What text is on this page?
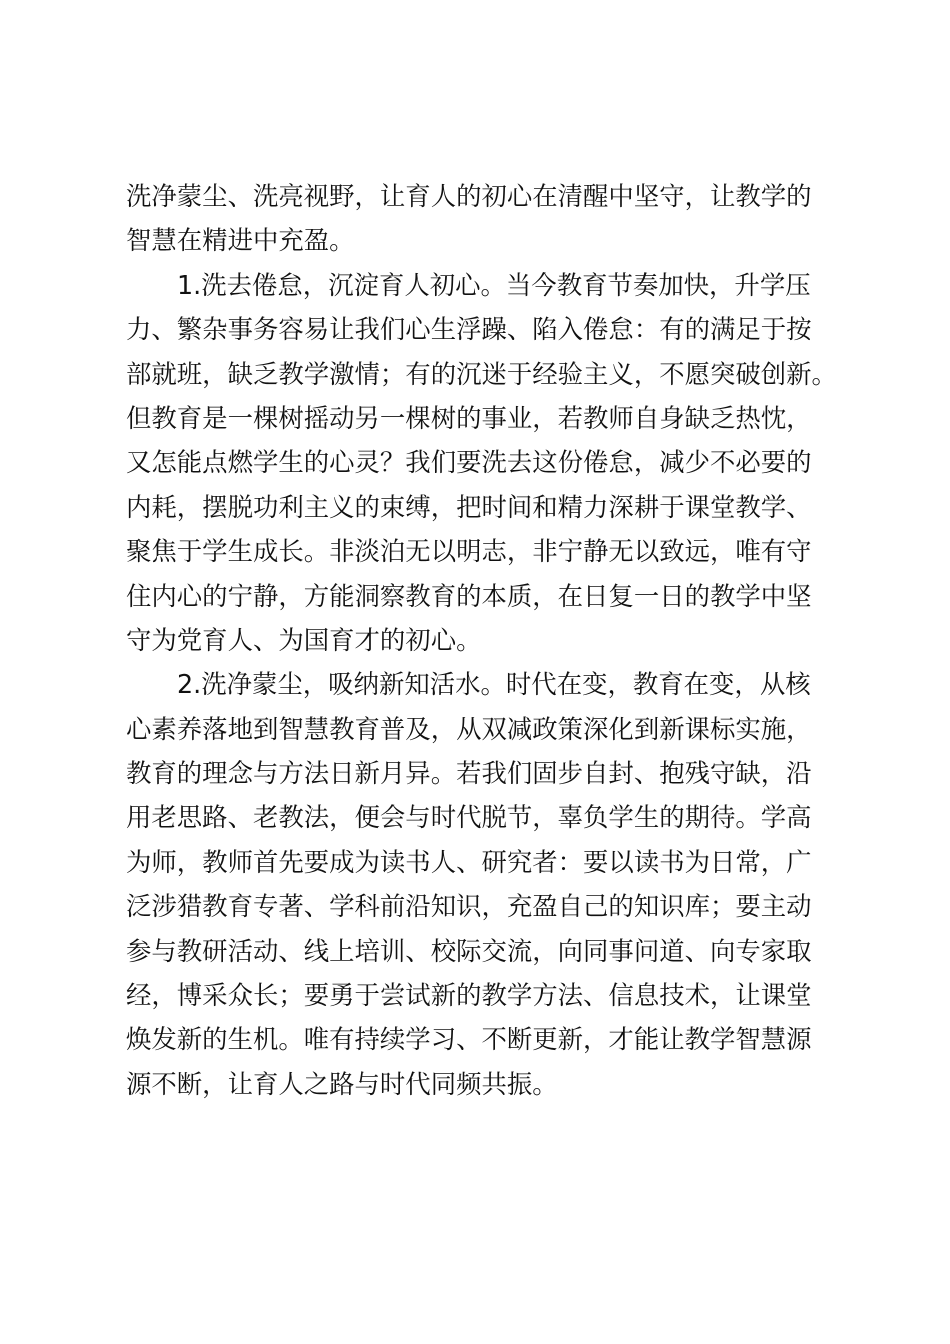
洗净蒙尘、洗亮视野，让育人的初心在清醒中坚守，让教学的
智慧在精进中充盈。
1.洗去倦怠，沉淀育人初心。当今教育节奏加快，升学压
力、繁杂事务容易让我们心生浮躁、陷入倦怠：有的满足于按
部就班，缺乏教学激情；有的沉迷于经验主义，不愿突破创新。
但教育是一棵树摇动另一棵树的事业，若教师自身缺乏热忱，
又怎能点燃学生的心灵？我们要洗去这份倦怠，减少不必要的
内耗，摆脱功利主义的束缚，把时间和精力深耕于课堂教学、
聚焦于学生成长。非淡泊无以明志，非宁静无以致远，唯有守
住内心的宁静，方能洞察教育的本质，在日复一日的教学中坚
守为党育人、为国育才的初心。
2.洗净蒙尘，吸纳新知活水。时代在变，教育在变，从核
心素养落地到智慧教育普及，从双减政策深化到新课标实施，
教育的理念与方法日新月异。若我们固步自封、抱残守缺，沿
用老思路、老教法，便会与时代脱节，辜负学生的期待。学高
为师，教师首先要成为读书人、研究者：要以读书为日常，广
泛涉猎教育专著、学科前沿知识，充盈自己的知识库；要主动
参与教研活动、线上培训、校际交流，向同事问道、向专家取
经，博采众长；要勇于尝试新的教学方法、信息技术，让课堂
焕发新的生机。唯有持续学习、不断更新，才能让教学智慧源
源不断，让育人之路与时代同频共振。
